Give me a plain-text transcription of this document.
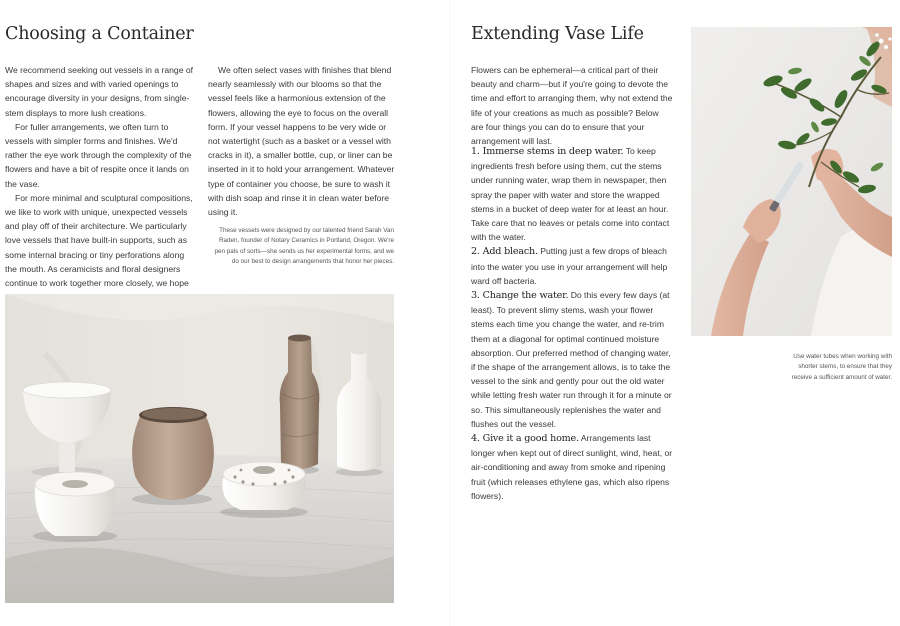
Choosing a Container

We recommend seeking out vessels in a range of shapes and sizes and with varied openings to encourage diversity in your designs, from single-stem displays to more lush creations.

For fuller arrangements, we often turn to vessels with simpler forms and finishes. We'd rather the eye work through the complexity of the flowers and have a bit of respite once it lands on the vase.

For more minimal and sculptural compositions, we like to work with unique, unexpected vessels and play off of their architecture. We particularly love vessels that have built-in supports, such as some internal bracing or tiny perforations along the mouth. As ceramicists and floral designers continue to work together more closely, we hope

We often select vases with finishes that blend nearly seamlessly with our blooms so that the vessel feels like a harmonious extension of the flowers, allowing the eye to focus on the overall form. If your vessel happens to be very wide or not watertight (such as a basket or a vessel with cracks in it), a smaller bottle, cup, or liner can be inserted in it to hold your arrangement. Whatever type of container you choose, be sure to wash it with dish soap and rinse it in clean water before using it.

These vessels were designed by our talented friend Sarah Van Raden, founder of Notary Ceramics in Portland, Oregon. We're pen pals of sorts—she sends us her experimental forms, and we do our best to design arrangements that honor her pieces.

Extending Vase Life

Flowers can be ephemeral—a critical part of their beauty and charm—but if you're going to devote the time and effort to arranging them, why not extend the life of your creations as much as possible? Below are four things you can do to ensure that your arrangement will last.

1. Immerse stems in deep water. To keep ingredients fresh before using them, cut the stems under running water, wrap them in newspaper, then spray the paper with water and store the wrapped stems in a bucket of deep water for at least an hour. Take care that no leaves or petals come into contact with the water.

2. Add bleach. Putting just a few drops of bleach into the water you use in your arrangement will help ward off bacteria.

3. Change the water. Do this every few days (at least). To prevent slimy stems, wash your flower stems each time you change the water, and re-trim them at a diagonal for optimal continued moisture absorption. Our preferred method of changing water, if the shape of the arrangement allows, is to take the vessel to the sink and gently pour out the old water while letting fresh water run through it for a minute or so. This simultaneously replenishes the water and flushes out the vessel.

4. Give it a good home. Arrangements last longer when kept out of direct sunlight, wind, heat, or air-conditioning and away from smoke and ripening fruit (which releases ethylene gas, which also ripens flowers).

Use water tubes when working with shorter stems, to ensure that they receive a sufficient amount of water.
